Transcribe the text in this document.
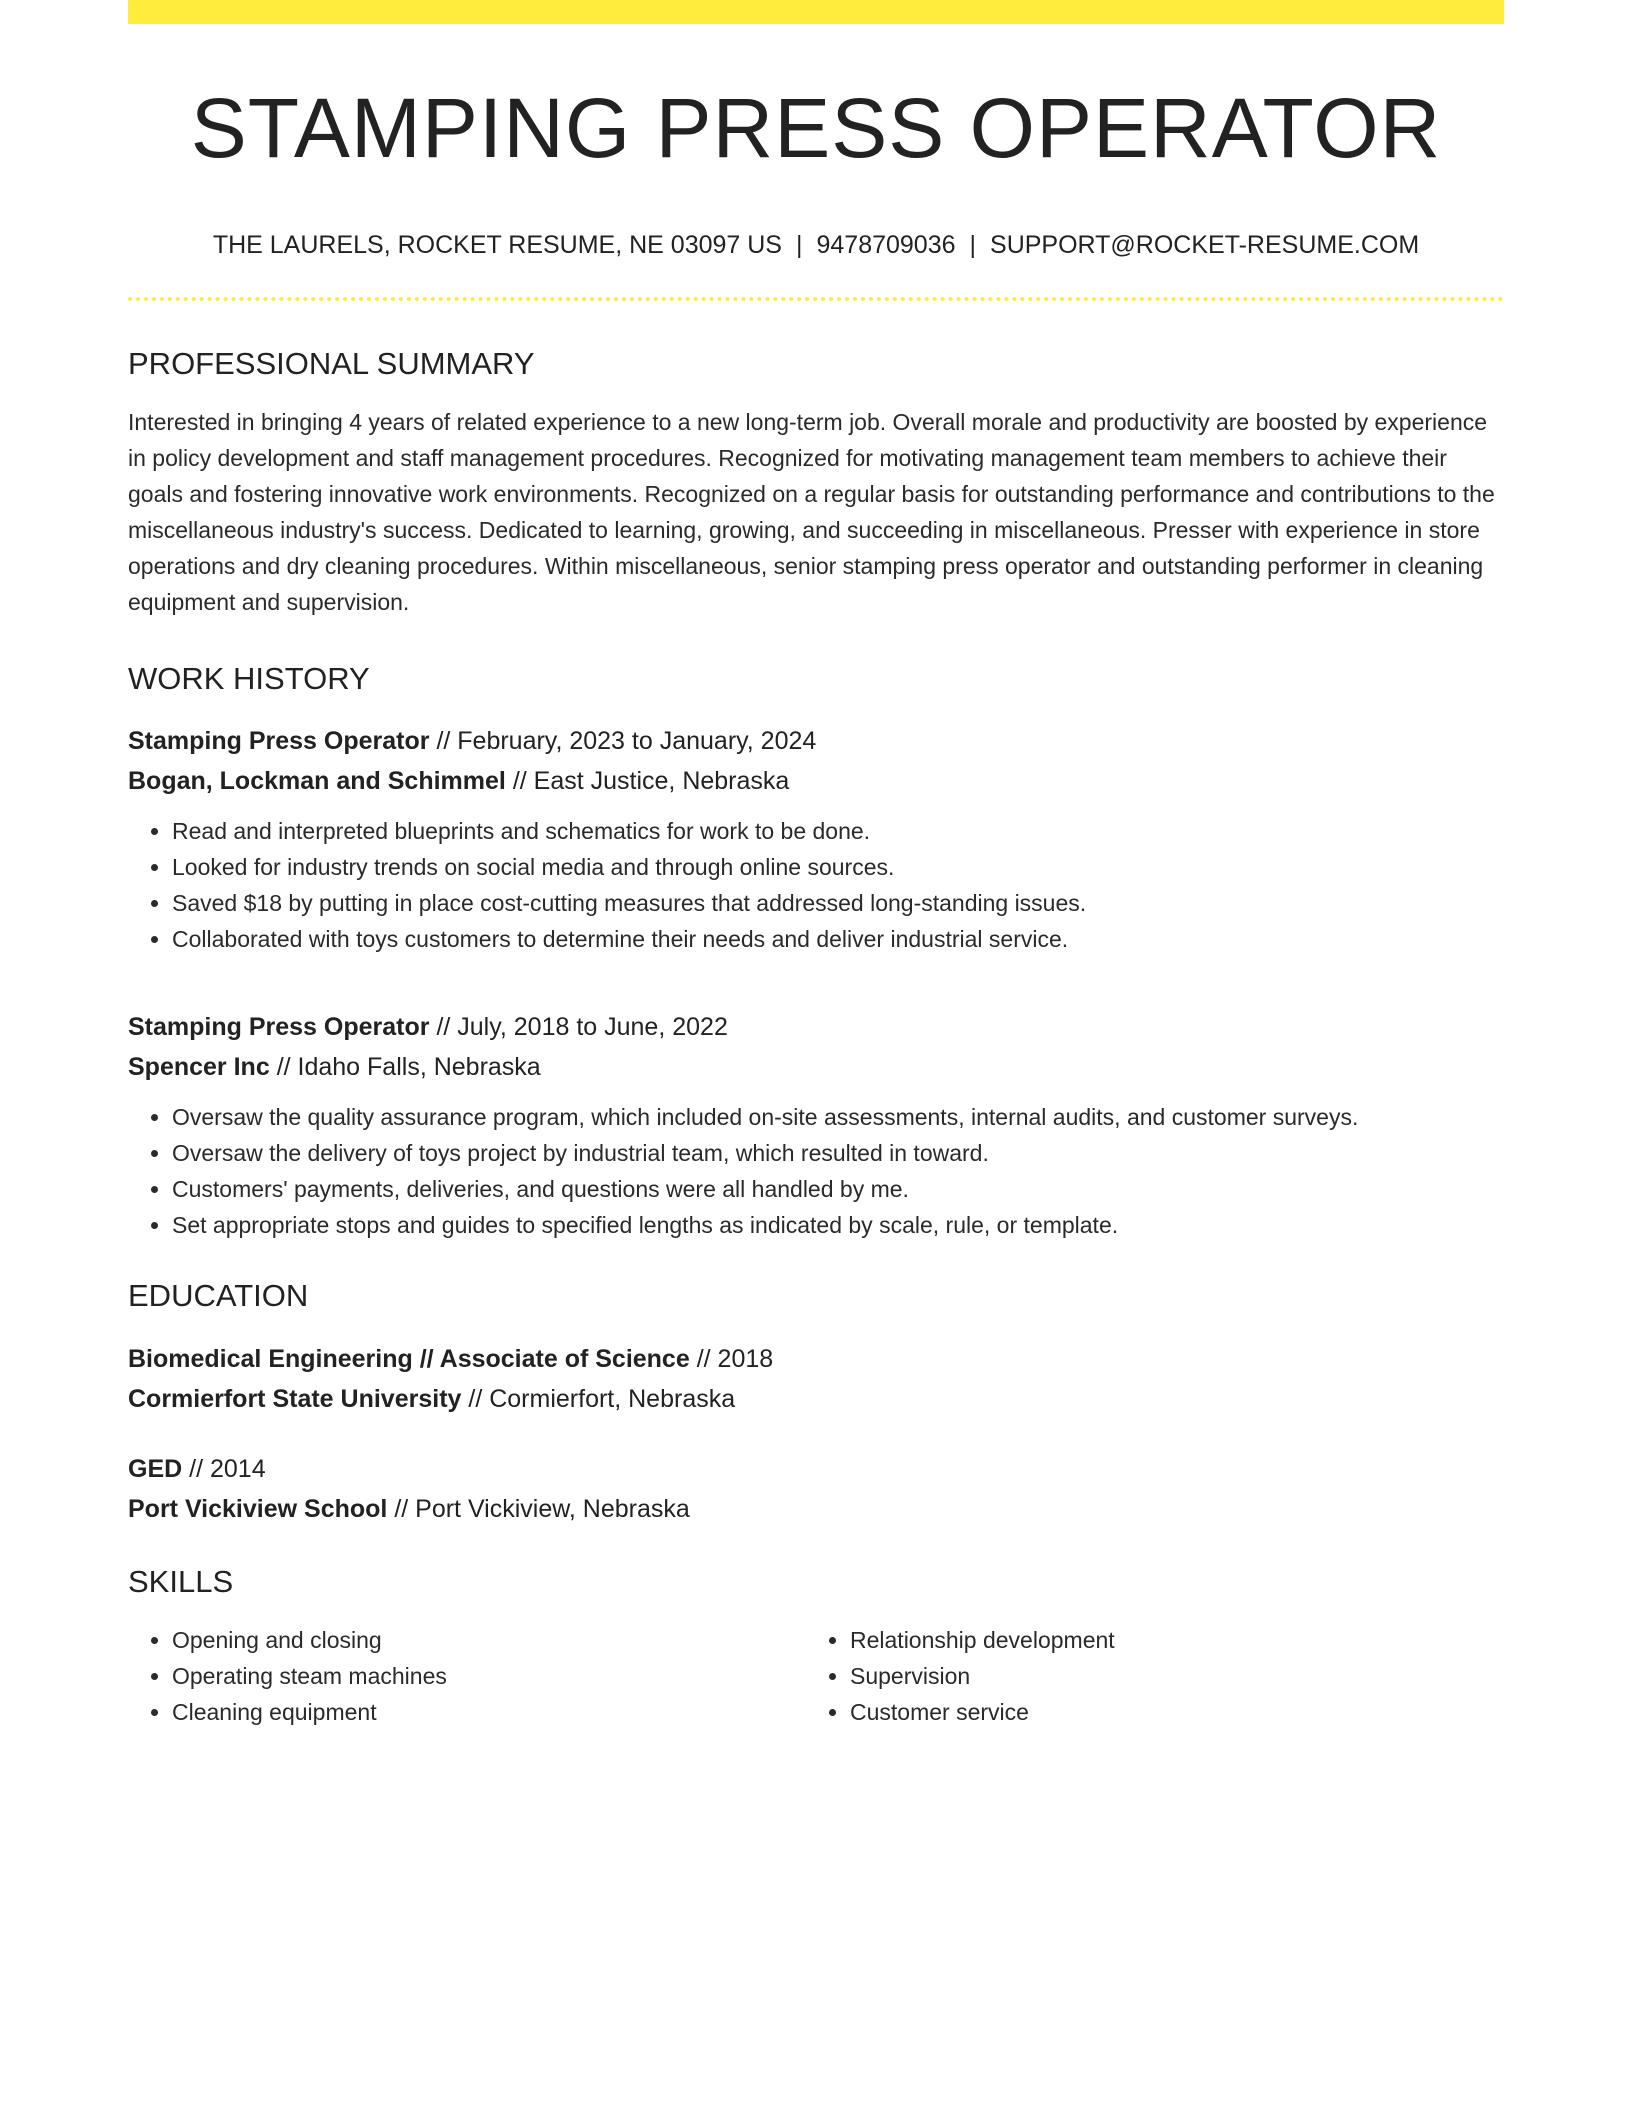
STAMPING PRESS OPERATOR
THE LAURELS, ROCKET RESUME, NE 03097 US | 9478709036 | SUPPORT@ROCKET-RESUME.COM
PROFESSIONAL SUMMARY

Interested in bringing 4 years of related experience to a new long-term job. Overall morale and productivity are boosted by experience in policy development and staff management procedures. Recognized for motivating management team members to achieve their goals and fostering innovative work environments. Recognized on a regular basis for outstanding performance and contributions to the miscellaneous industry's success. Dedicated to learning, growing, and succeeding in miscellaneous. Presser with experience in store operations and dry cleaning procedures. Within miscellaneous, senior stamping press operator and outstanding performer in cleaning equipment and supervision.

WORK HISTORY
Stamping Press Operator // February, 2023 to January, 2024
Bogan, Lockman and Schimmel // East Justice, Nebraska
• Read and interpreted blueprints and schematics for work to be done.
• Looked for industry trends on social media and through online sources.
• Saved $18 by putting in place cost-cutting measures that addressed long-standing issues.
• Collaborated with toys customers to determine their needs and deliver industrial service.
Stamping Press Operator // July, 2018 to June, 2022
Spencer Inc // Idaho Falls, Nebraska
• Oversaw the quality assurance program, which included on-site assessments, internal audits, and customer surveys.
• Oversaw the delivery of toys project by industrial team, which resulted in toward.
• Customers' payments, deliveries, and questions were all handled by me.
• Set appropriate stops and guides to specified lengths as indicated by scale, rule, or template.
EDUCATION
Biomedical Engineering // Associate of Science // 2018
Cormierfort State University // Cormierfort, Nebraska
GED // 2014
Port Vickiview School // Port Vickiview, Nebraska
SKILLS
• Opening and closing
• Operating steam machines
• Cleaning equipment
• Relationship development
• Supervision
• Customer service
